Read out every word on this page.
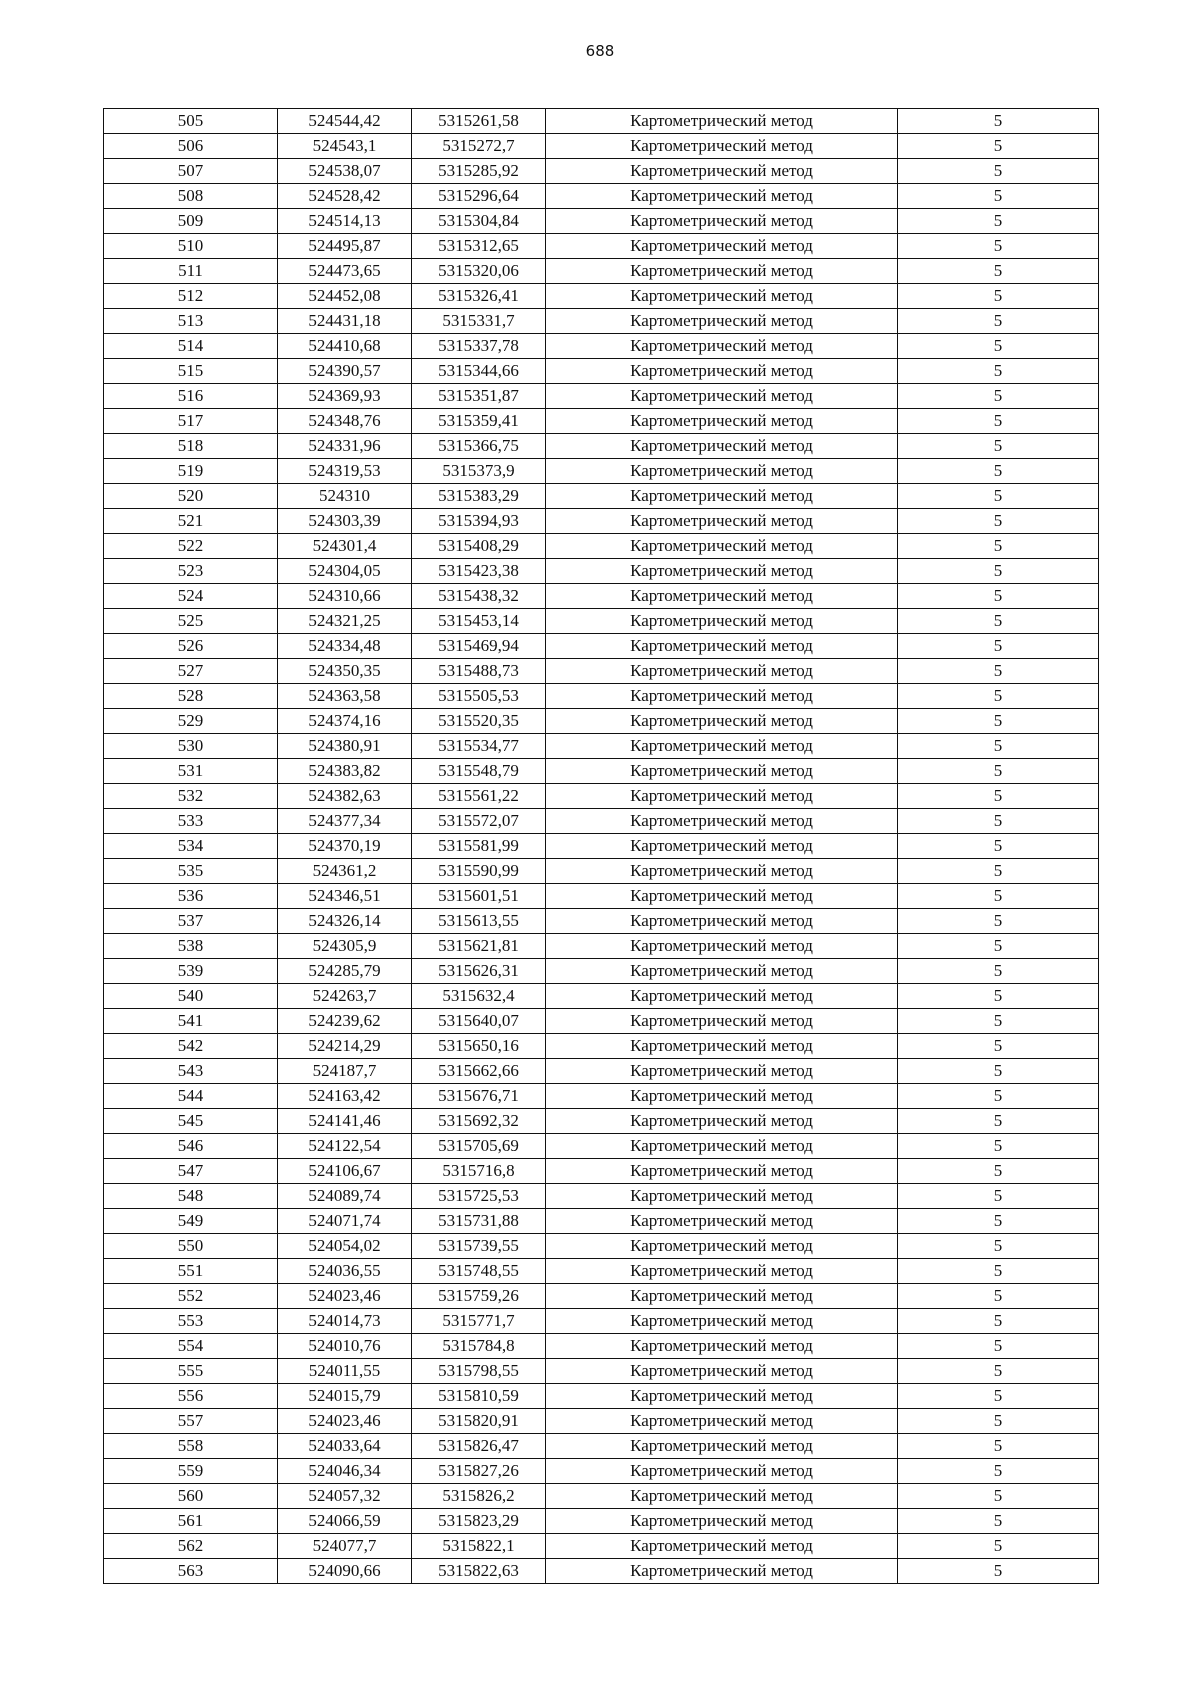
688
505	524544,42	5315261,58	Картометрический метод	5
506	524543,1	5315272,7	Картометрический метод	5
507	524538,07	5315285,92	Картометрический метод	5
508	524528,42	5315296,64	Картометрический метод	5
509	524514,13	5315304,84	Картометрический метод	5
510	524495,87	5315312,65	Картометрический метод	5
511	524473,65	5315320,06	Картометрический метод	5
512	524452,08	5315326,41	Картометрический метод	5
513	524431,18	5315331,7	Картометрический метод	5
514	524410,68	5315337,78	Картометрический метод	5
515	524390,57	5315344,66	Картометрический метод	5
516	524369,93	5315351,87	Картометрический метод	5
517	524348,76	5315359,41	Картометрический метод	5
518	524331,96	5315366,75	Картометрический метод	5
519	524319,53	5315373,9	Картометрический метод	5
520	524310	5315383,29	Картометрический метод	5
521	524303,39	5315394,93	Картометрический метод	5
522	524301,4	5315408,29	Картометрический метод	5
523	524304,05	5315423,38	Картометрический метод	5
524	524310,66	5315438,32	Картометрический метод	5
525	524321,25	5315453,14	Картометрический метод	5
526	524334,48	5315469,94	Картометрический метод	5
527	524350,35	5315488,73	Картометрический метод	5
528	524363,58	5315505,53	Картометрический метод	5
529	524374,16	5315520,35	Картометрический метод	5
530	524380,91	5315534,77	Картометрический метод	5
531	524383,82	5315548,79	Картометрический метод	5
532	524382,63	5315561,22	Картометрический метод	5
533	524377,34	5315572,07	Картометрический метод	5
534	524370,19	5315581,99	Картометрический метод	5
535	524361,2	5315590,99	Картометрический метод	5
536	524346,51	5315601,51	Картометрический метод	5
537	524326,14	5315613,55	Картометрический метод	5
538	524305,9	5315621,81	Картометрический метод	5
539	524285,79	5315626,31	Картометрический метод	5
540	524263,7	5315632,4	Картометрический метод	5
541	524239,62	5315640,07	Картометрический метод	5
542	524214,29	5315650,16	Картометрический метод	5
543	524187,7	5315662,66	Картометрический метод	5
544	524163,42	5315676,71	Картометрический метод	5
545	524141,46	5315692,32	Картометрический метод	5
546	524122,54	5315705,69	Картометрический метод	5
547	524106,67	5315716,8	Картометрический метод	5
548	524089,74	5315725,53	Картометрический метод	5
549	524071,74	5315731,88	Картометрический метод	5
550	524054,02	5315739,55	Картометрический метод	5
551	524036,55	5315748,55	Картометрический метод	5
552	524023,46	5315759,26	Картометрический метод	5
553	524014,73	5315771,7	Картометрический метод	5
554	524010,76	5315784,8	Картометрический метод	5
555	524011,55	5315798,55	Картометрический метод	5
556	524015,79	5315810,59	Картометрический метод	5
557	524023,46	5315820,91	Картометрический метод	5
558	524033,64	5315826,47	Картометрический метод	5
559	524046,34	5315827,26	Картометрический метод	5
560	524057,32	5315826,2	Картометрический метод	5
561	524066,59	5315823,29	Картометрический метод	5
562	524077,7	5315822,1	Картометрический метод	5
563	524090,66	5315822,63	Картометрический метод	5
